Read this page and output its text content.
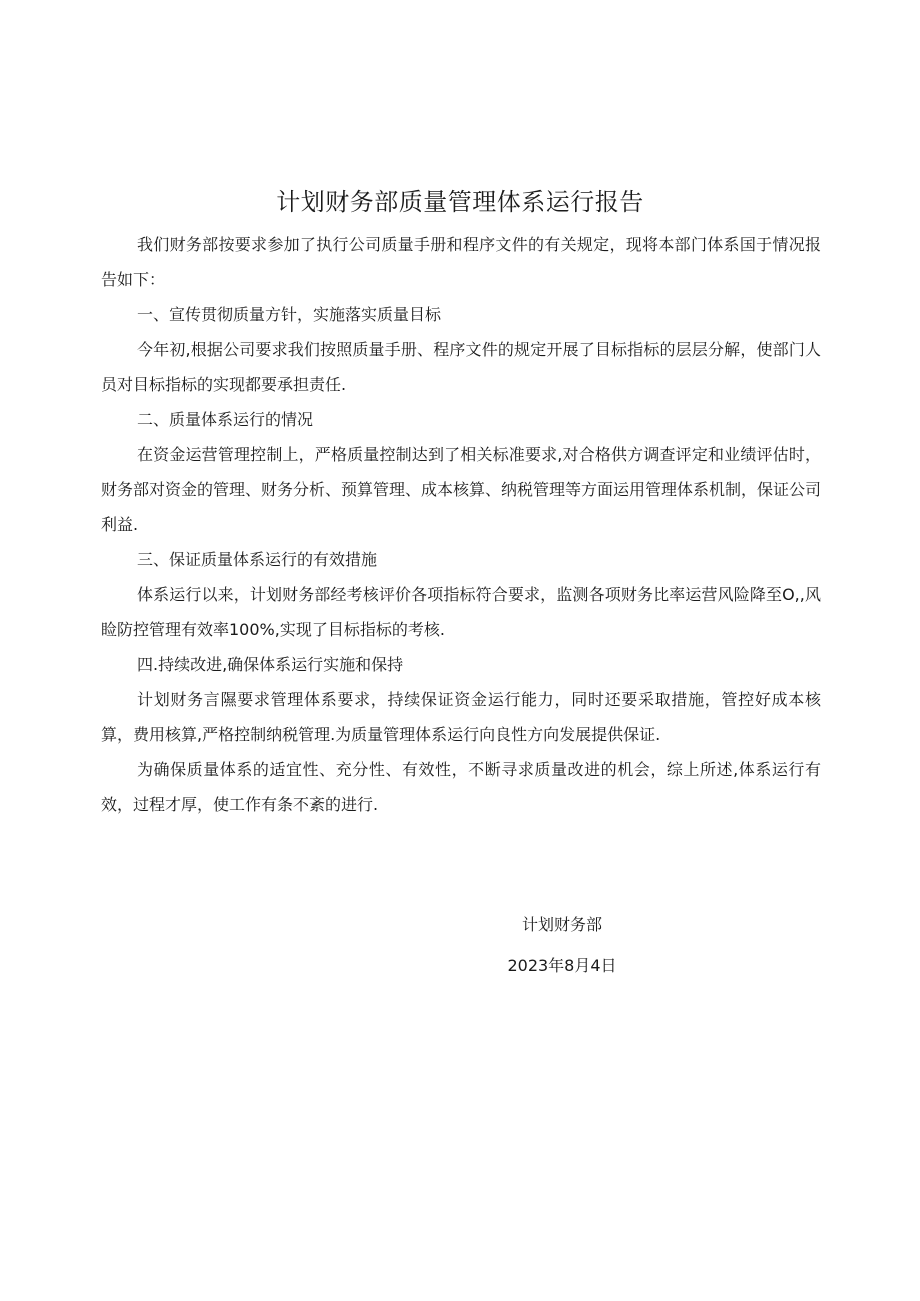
计划财务部质量管理体系运行报告

我们财务部按要求参加了执行公司质量手册和程序文件的有关规定，现将本部门体系国于情况报告如下：

一、宣传贯彻质量方针，实施落实质量目标

今年初,根据公司要求我们按照质量手册、程序文件的规定开展了目标指标的层层分解，使部门人员对目标指标的实现都要承担责任.

二、质量体系运行的情况

在资金运营管理控制上，严格质量控制达到了相关标准要求,对合格供方调查评定和业绩评估时，财务部对资金的管理、财务分析、预算管理、成本核算、纳税管理等方面运用管理体系机制，保证公司利益.

三、保证质量体系运行的有效措施

体系运行以来，计划财务部经考核评价各项指标符合要求，监测各项财务比率运营风险降至O,,风睑防控管理有效率100%,实现了目标指标的考核.

四.持续改进,确保体系运行实施和保持

计划财务言隰要求管理体系要求，持续保证资金运行能力，同时还要采取措施，管控好成本核算，费用核算,严格控制纳税管理.为质量管理体系运行向良性方向发展提供保证.

为确保质量体系的适宜性、充分性、有效性，不断寻求质量改进的机会，综上所述,体系运行有效，过程才厚，使工作有条不紊的进行.

计划财务部
2023年8月4日
